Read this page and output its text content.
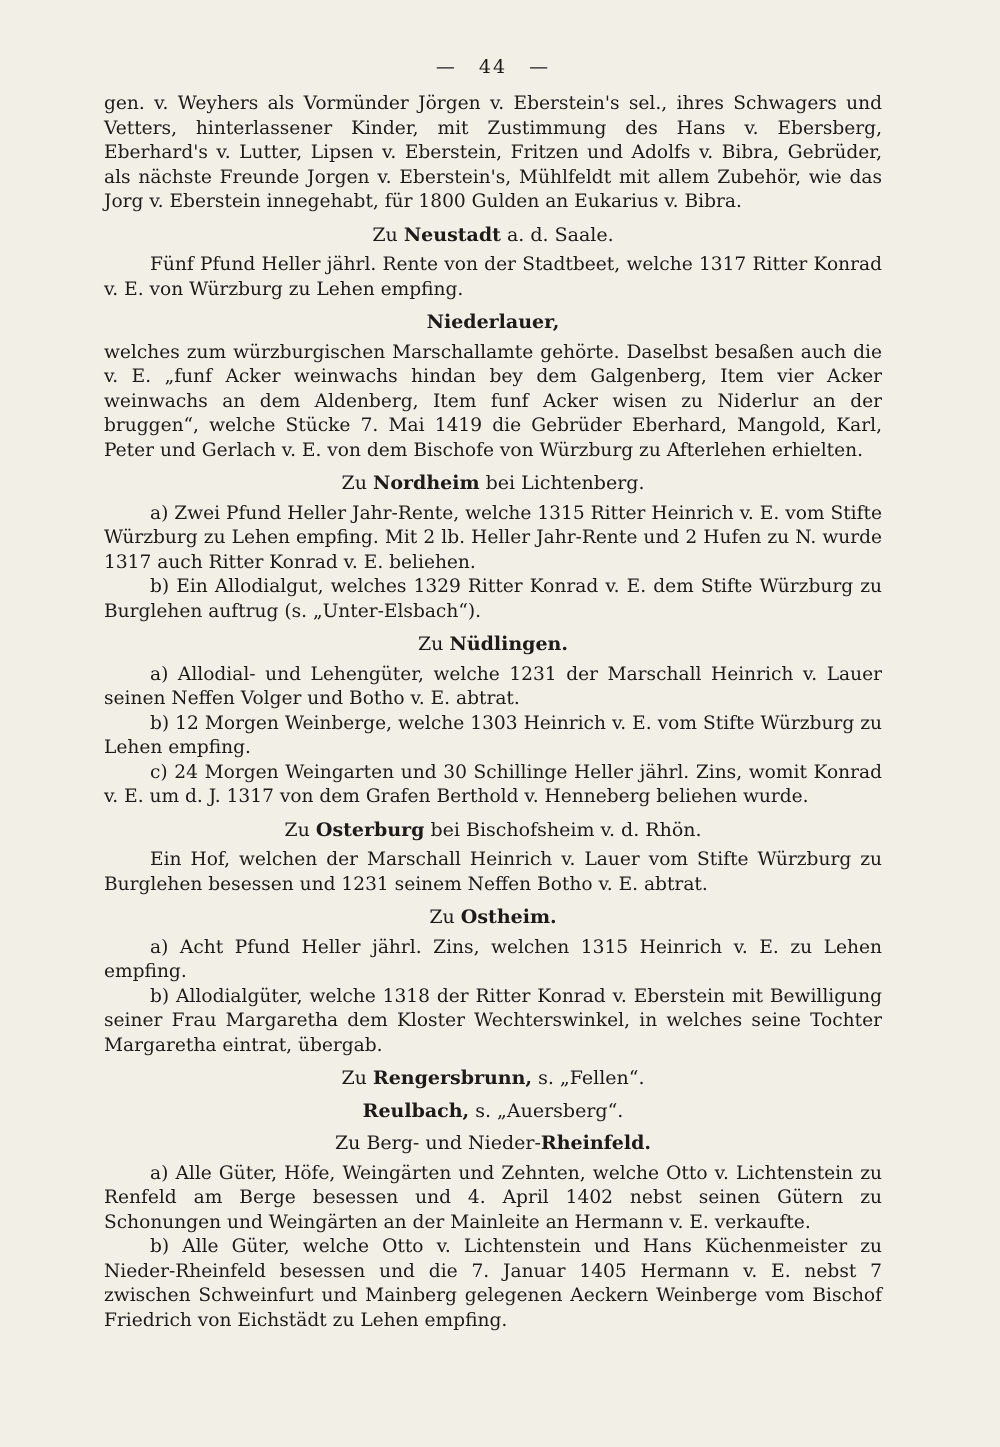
— 44 —

gen. v. Weyhers als Vormünder Jörgen v. Eberstein's sel., ihres Schwagers und Vetters, hinterlassener Kinder, mit Zustimmung des Hans v. Ebersberg, Eberhard's v. Lutter, Lipsen v. Eberstein, Fritzen und Adolfs v. Bibra, Gebrüder, als nächste Freunde Jorgen v. Eberstein's, Mühlfeldt mit allem Zubehör, wie das Jorg v. Eberstein innegehabt, für 1800 Gulden an Eukarius v. Bibra.

Zu Neustadt a. d. Saale.

Fünf Pfund Heller jährl. Rente von der Stadtbeet, welche 1317 Ritter Konrad v. E. von Würzburg zu Lehen empfing.

Niederlauer,

welches zum würzburgischen Marschallamte gehörte. Daselbst besaßen auch die v. E. „funf Acker weinwachs hindan bey dem Galgenberg, Item vier Acker weinwachs an dem Aldenberg, Item funf Acker wisen zu Niderlur an der bruggen“, welche Stücke 7. Mai 1419 die Gebrüder Eberhard, Mangold, Karl, Peter und Gerlach v. E. von dem Bischofe von Würzburg zu Afterlehen erhielten.

Zu Nordheim bei Lichtenberg.

a) Zwei Pfund Heller Jahr-Rente, welche 1315 Ritter Heinrich v. E. vom Stifte Würzburg zu Lehen empfing. Mit 2 lb. Heller Jahr-Rente und 2 Hufen zu N. wurde 1317 auch Ritter Konrad v. E. beliehen.

b) Ein Allodialgut, welches 1329 Ritter Konrad v. E. dem Stifte Würzburg zu Burglehen auftrug (s. „Unter-Elsbach“).

Zu Nüdlingen.

a) Allodial- und Lehengüter, welche 1231 der Marschall Heinrich v. Lauer seinen Neffen Volger und Botho v. E. abtrat.

b) 12 Morgen Weinberge, welche 1303 Heinrich v. E. vom Stifte Würzburg zu Lehen empfing.

c) 24 Morgen Weingarten und 30 Schillinge Heller jährl. Zins, womit Konrad v. E. um d. J. 1317 von dem Grafen Berthold v. Henneberg beliehen wurde.

Zu Osterburg bei Bischofsheim v. d. Rhön.

Ein Hof, welchen der Marschall Heinrich v. Lauer vom Stifte Würzburg zu Burglehen besessen und 1231 seinem Neffen Botho v. E. abtrat.

Zu Ostheim.

a) Acht Pfund Heller jährl. Zins, welchen 1315 Heinrich v. E. zu Lehen empfing.

b) Allodialgüter, welche 1318 der Ritter Konrad v. Eberstein mit Bewilligung seiner Frau Margaretha dem Kloster Wechterswinkel, in welches seine Tochter Margaretha eintrat, übergab.

Zu Rengersbrunn, s. „Fellen“.
Reulbach, s. „Auersberg“.
Zu Berg- und Nieder-Rheinfeld.

a) Alle Güter, Höfe, Weingärten und Zehnten, welche Otto v. Lichtenstein zu Renfeld am Berge besessen und 4. April 1402 nebst seinen Gütern zu Schonungen und Weingärten an der Mainleite an Hermann v. E. verkaufte.

b) Alle Güter, welche Otto v. Lichtenstein und Hans Küchenmeister zu Nieder-Rheinfeld besessen und die 7. Januar 1405 Hermann v. E. nebst 7 zwischen Schweinfurt und Mainberg gelegenen Aeckern Weinberge vom Bischof Friedrich von Eichstädt zu Lehen empfing.
